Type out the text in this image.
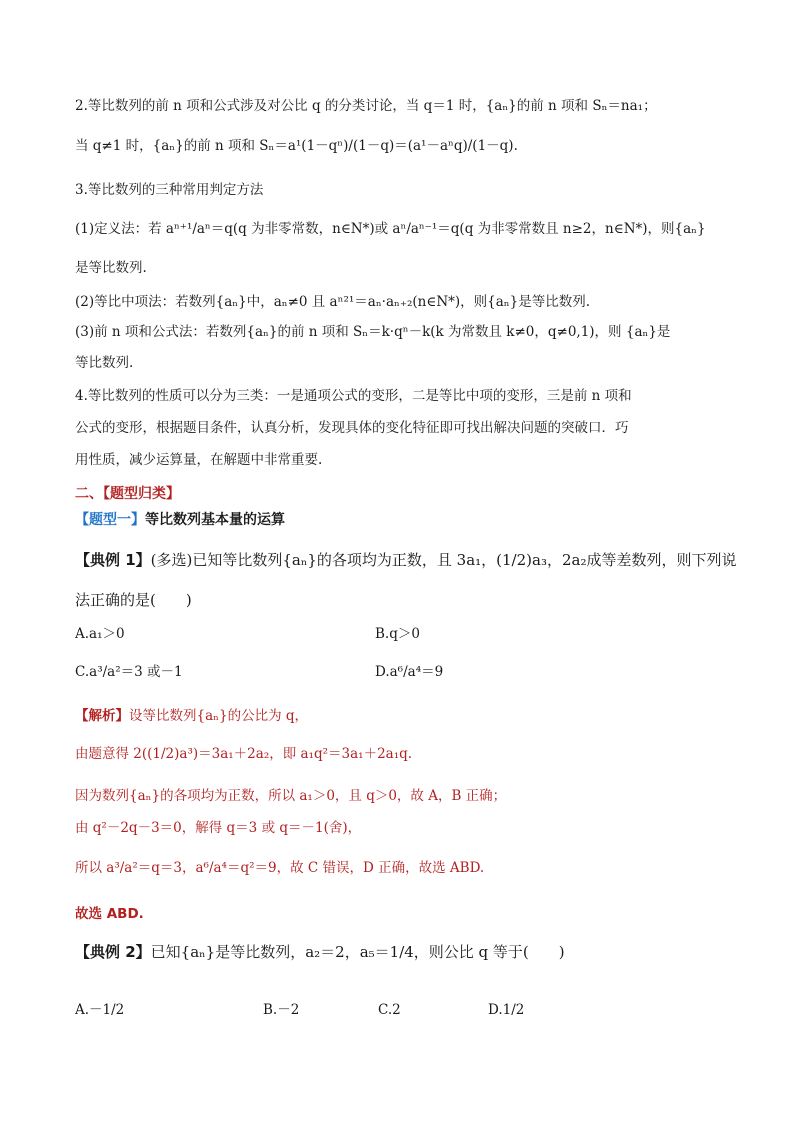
2.等比数列的前 n 项和公式涉及对公比 q 的分类讨论，当 q＝1 时，{aₙ}的前 n 项和 Sₙ＝na₁；
当 q≠1 时，{aₙ}的前 n 项和 Sₙ＝a¹(1－qⁿ)/(1－q)＝(a¹－aⁿq)/(1－q).
3.等比数列的三种常用判定方法
(1)定义法：若 aⁿ⁺¹/aⁿ＝q(q 为非零常数，n∈N*)或 aⁿ/aⁿ⁻¹＝q(q 为非零常数且 n≥2，n∈N*)，则{aₙ}
是等比数列.
(2)等比中项法：若数列{aₙ}中，aₙ≠0 且 aⁿ²¹＝aₙ·aₙ₊₂(n∈N*)，则{aₙ}是等比数列.
(3)前 n 项和公式法：若数列{aₙ}的前 n 项和 Sₙ＝k·qⁿ－k(k 为常数且 k≠0，q≠0,1)，则 {aₙ}是
等比数列.
4.等比数列的性质可以分为三类：一是通项公式的变形，二是等比中项的变形，三是前 n 项和
公式的变形，根据题目条件，认真分析，发现具体的变化特征即可找出解决问题的突破口．巧
用性质，减少运算量，在解题中非常重要.
二、【题型归类】
【题型一】等比数列基本量的运算
【典例 1】(多选)已知等比数列{aₙ}的各项均为正数，且 3a₁，(1/2)a₃，2a₂成等差数列，则下列说
法正确的是(　　)
A.a₁＞0	B.q＞0
C.a³/a²＝3 或－1	D.a⁶/a⁴＝9
【解析】设等比数列{aₙ}的公比为 q，
由题意得 2((1/2)a³)＝3a₁＋2a₂，即 a₁q²＝3a₁＋2a₁q.
因为数列{aₙ}的各项均为正数，所以 a₁＞0，且 q＞0，故 A，B 正确；
由 q²－2q－3＝0，解得 q＝3 或 q＝－1(舍)，
所以 a³/a²＝q＝3，a⁶/a⁴＝q²＝9，故 C 错误，D 正确，故选 ABD.
故选 ABD.
【典例 2】已知{aₙ}是等比数列，a₂＝2，a₅＝1/4，则公比 q 等于(　　)
A.－1/2	B.－2	C.2	D.1/2
